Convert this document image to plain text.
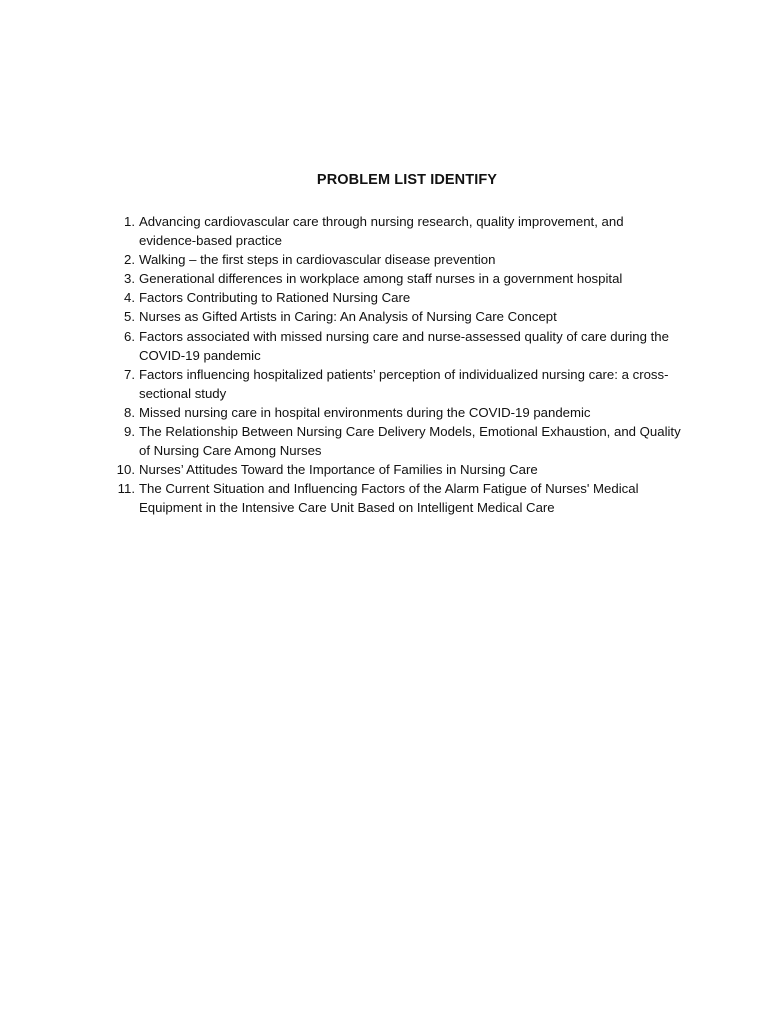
PROBLEM LIST IDENTIFY
1. Advancing cardiovascular care through nursing research, quality improvement, and evidence-based practice
2. Walking – the first steps in cardiovascular disease prevention
3. Generational differences in workplace among staff nurses in a government hospital
4. Factors Contributing to Rationed Nursing Care
5. Nurses as Gifted Artists in Caring: An Analysis of Nursing Care Concept
6. Factors associated with missed nursing care and nurse-assessed quality of care during the COVID-19 pandemic
7. Factors influencing hospitalized patients’ perception of individualized nursing care: a cross-sectional study
8. Missed nursing care in hospital environments during the COVID-19 pandemic
9. The Relationship Between Nursing Care Delivery Models, Emotional Exhaustion, and Quality of Nursing Care Among Nurses
10. Nurses’ Attitudes Toward the Importance of Families in Nursing Care
11. The Current Situation and Influencing Factors of the Alarm Fatigue of Nurses' Medical Equipment in the Intensive Care Unit Based on Intelligent Medical Care
